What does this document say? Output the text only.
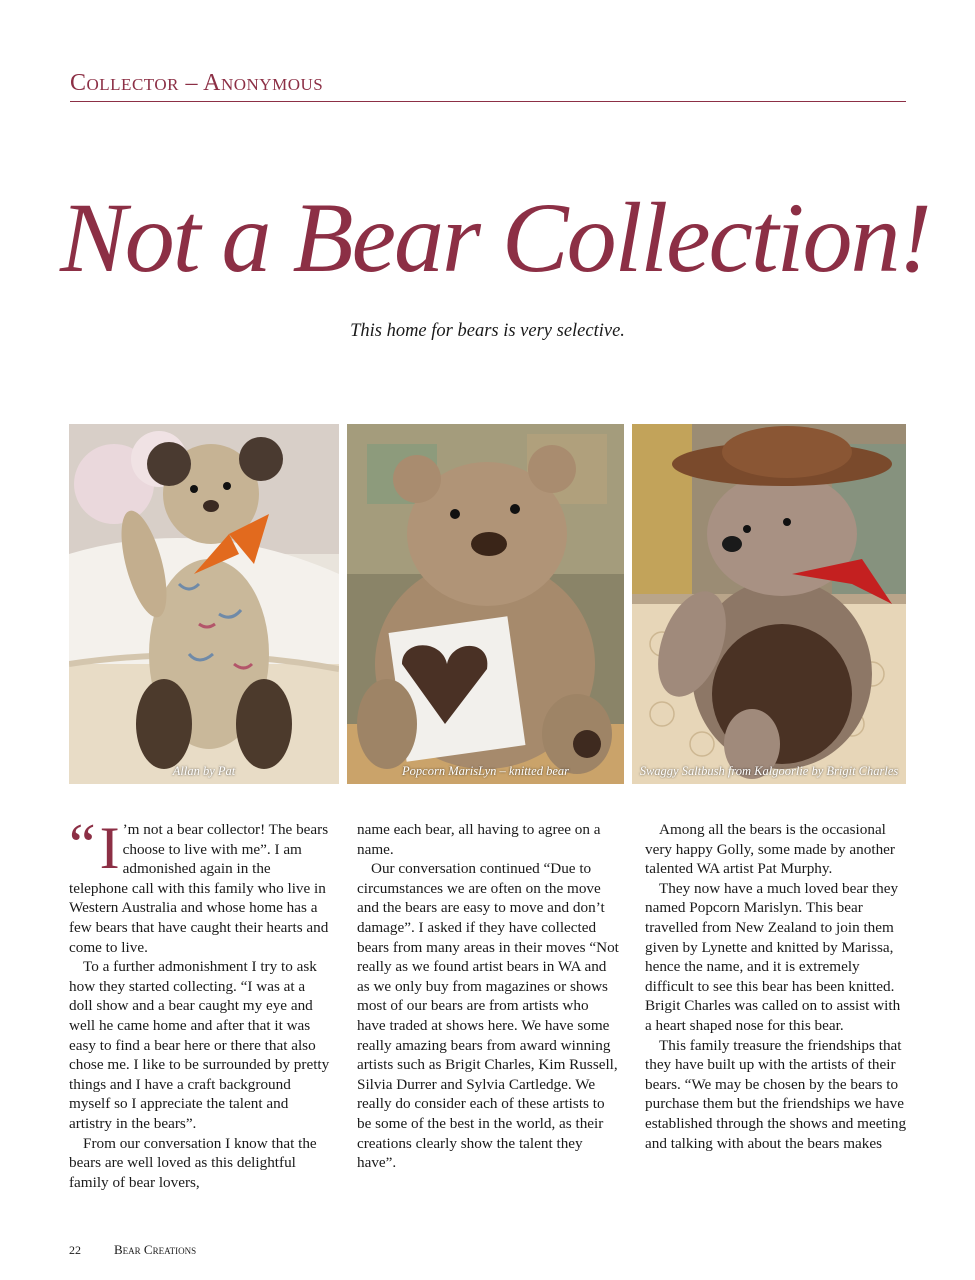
Collector – Anonymous
Not a Bear Collection!
This home for bears is very selective.
Allan by Pat	Popcorn MarisLyn – knitted bear	Swaggy Saltbush from Kalgoorlie by Brigit Charles

“ I ’m not a bear collector! The bears choose to live with me”. I am admonished again in the telephone call with this family who live in Western Australia and whose home has a few bears that have caught their hearts and come to live.

To a further admonishment I try to ask how they started collecting. “I was at a doll show and a bear caught my eye and well he came home and after that it was easy to find a bear here or there that also chose me. I like to be surrounded by pretty things and I have a craft background myself so I appreciate the talent and artistry in the bears”.

From our conversation I know that the bears are well loved as this delightful family of bear lovers,

name each bear, all having to agree on a name.

Our conversation continued “Due to circumstances we are often on the move and the bears are easy to move and don’t damage”. I asked if they have collected bears from many areas in their moves “Not really as we found artist bears in WA and as we only buy from magazines or shows most of our bears are from artists who have traded at shows here. We have some really amazing bears from award winning artists such as Brigit Charles, Kim Russell, Silvia Durrer and Sylvia Cartledge. We really do consider each of these artists to be some of the best in the world, as their creations clearly show the talent they have”.

Among all the bears is the occasional very happy Golly, some made by another talented WA artist Pat Murphy.

They now have a much loved bear they named Popcorn Marislyn. This bear travelled from New Zealand to join them given by Lynette and knitted by Marissa, hence the name, and it is extremely difficult to see this bear has been knitted. Brigit Charles was called on to assist with a heart shaped nose for this bear.

This family treasure the friendships that they have built up with the artists of their bears. “We may be chosen by the bears to purchase them but the friendships we have established through the shows and meeting and talking with about the bears makes

22	Bear Creations
